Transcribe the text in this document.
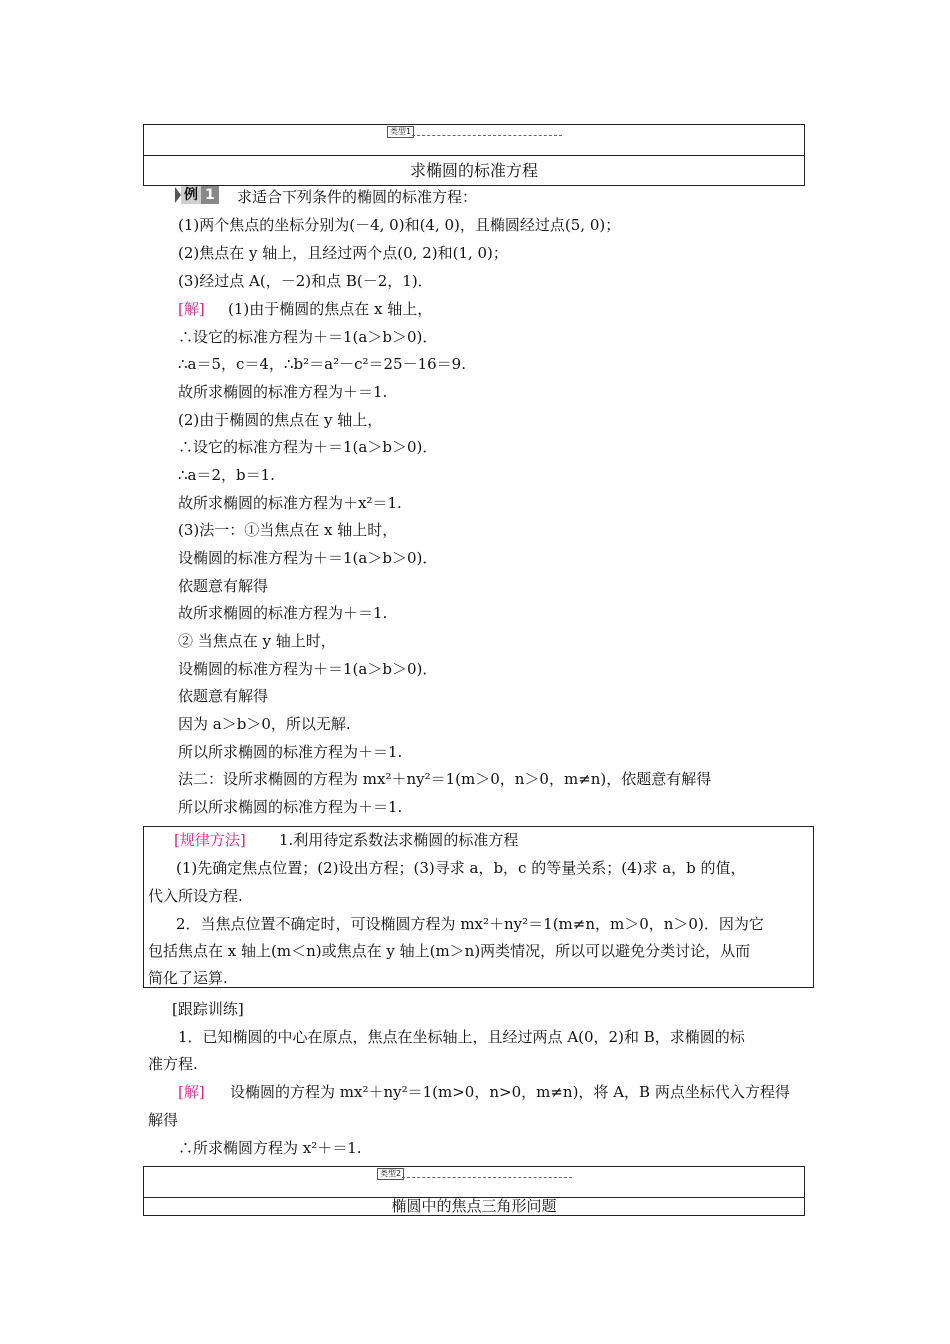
类型1
求椭圆的标准方程
例 1 求适合下列条件的椭圆的标准方程：
(1)两个焦点的坐标分别为(－4, 0)和(4, 0)，且椭圆经过点(5, 0)；
(2)焦点在 y 轴上，且经过两个点(0, 2)和(1, 0)；
(3)经过点 A(，－2)和点 B(－2，1)．
[解] (1)由于椭圆的焦点在 x 轴上，
∴设它的标准方程为＋＝1(a＞b＞0)．
∴a＝5，c＝4，∴b²＝a²－c²＝25－16＝9.
故所求椭圆的标准方程为＋＝1.
(2)由于椭圆的焦点在 y 轴上，
∴设它的标准方程为＋＝1(a＞b＞0)．
∴a＝2，b＝1.
故所求椭圆的标准方程为＋x²＝1.
(3)法一：①当焦点在 x 轴上时，
设椭圆的标准方程为＋＝1(a＞b＞0)．
依题意有解得
故所求椭圆的标准方程为＋＝1.
② 当焦点在 y 轴上时，
设椭圆的标准方程为＋＝1(a＞b＞0)．
依题意有解得
因为 a＞b＞0，所以无解.
所以所求椭圆的标准方程为＋＝1.
法二：设所求椭圆的方程为 mx²＋ny²＝1(m＞0，n＞0，m≠n)，依题意有解得
所以所求椭圆的标准方程为＋＝1.
[规律方法] 1.利用待定系数法求椭圆的标准方程
(1)先确定焦点位置；(2)设出方程；(3)寻求 a，b，c 的等量关系；(4)求 a，b 的值，
代入所设方程.
2．当焦点位置不确定时，可设椭圆方程为 mx²＋ny²＝1(m≠n，m＞0，n＞0)．因为它
包括焦点在 x 轴上(m＜n)或焦点在 y 轴上(m＞n)两类情况，所以可以避免分类讨论，从而
简化了运算.
[跟踪训练]
1．已知椭圆的中心在原点，焦点在坐标轴上，且经过两点 A(0，2)和 B，求椭圆的标
准方程.
[解] 设椭圆的方程为 mx²＋ny²＝1(m>0，n>0，m≠n)，将 A，B 两点坐标代入方程得
解得
∴所求椭圆方程为 x²＋＝1.
类型2
椭圆中的焦点三角形问题
